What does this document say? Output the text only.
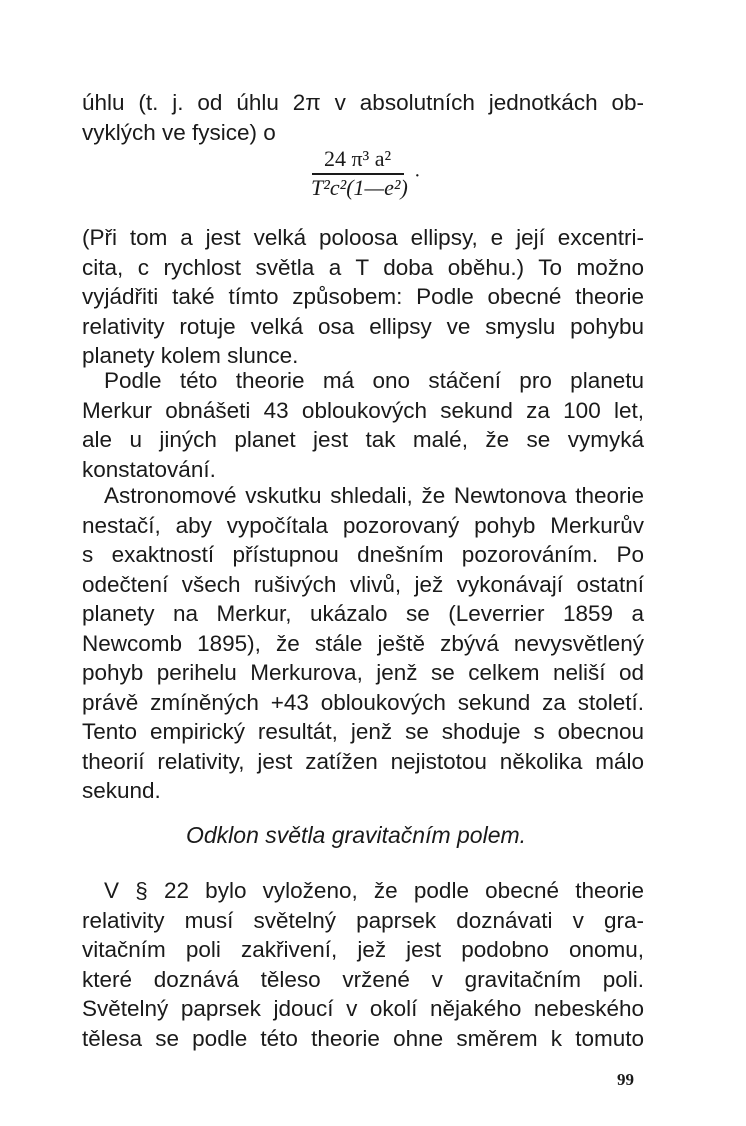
úhlu (t. j. od úhlu 2π v absolutních jednotkách ob-
vyklých ve fysice) o
(Při tom a jest velká poloosa ellipsy, e její excentri-
cita, c rychlost světla a T doba oběhu.) To možno
vyjádřiti také tímto způsobem: Podle obecné theorie
relativity rotuje velká osa ellipsy ve smyslu pohybu
planety kolem slunce.
Podle této theorie má ono stáčení pro planetu
Merkur obnášeti 43 obloukových sekund za 100 let,
ale u jiných planet jest tak malé, že se vymyká
konstatování.
Astronomové vskutku shledali, že Newtonova theorie
nestačí, aby vypočítala pozorovaný pohyb Merkurův
s exaktností přístupnou dnešním pozorováním. Po
odečtení všech rušivých vlivů, jež vykonávají ostatní
planety na Merkur, ukázalo se (Leverrier 1859 a
Newcomb 1895), že stále ještě zbývá nevysvětlený
pohyb perihelu Merkurova, jenž se celkem neliší od
právě zmíněných +43 obloukových sekund za století.
Tento empirický resultát, jenž se shoduje s obecnou
theorií relativity, jest zatížen nejistotou několika málo
sekund.
V § 22 bylo vyloženo, že podle obecné theorie
relativity musí světelný paprsek doznávati v gra-
vitačním poli zakřivení, jež jest podobno onomu,
které doznává těleso vržené v gravitačním poli.
Světelný paprsek jdoucí v okolí nějakého nebeského
tělesa se podle této theorie ohne směrem k tomuto
24 π³ a²
T²c²(1—e²) ·
Odklon světla gravitačním polem.
99
